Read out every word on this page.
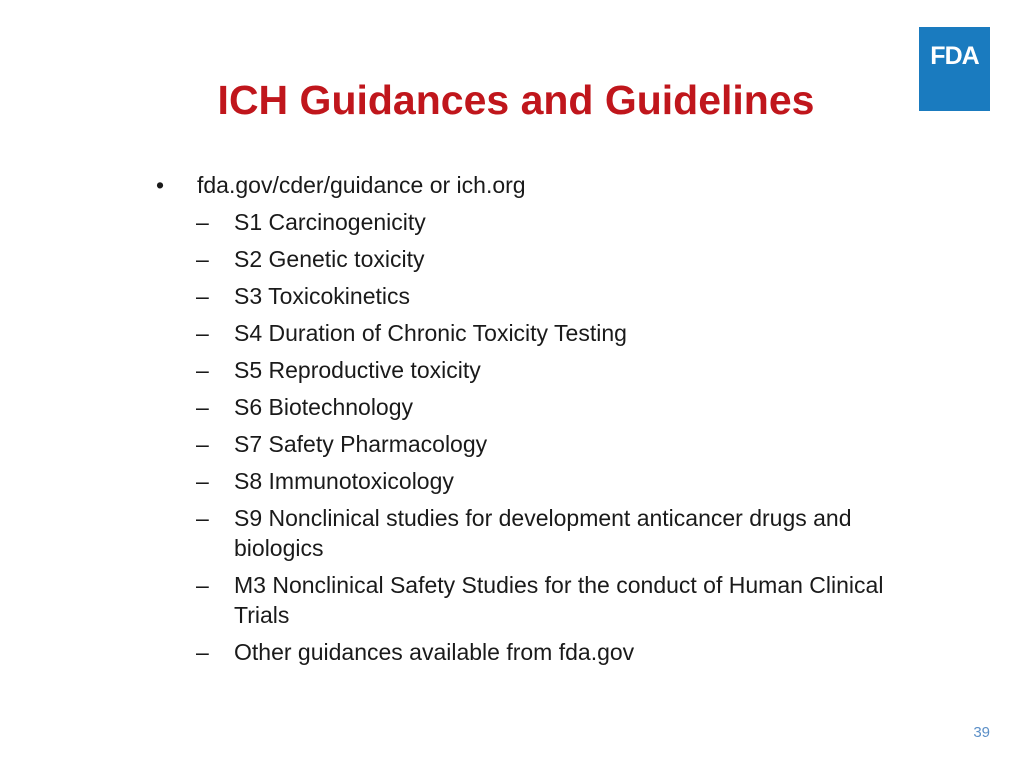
FDA
ICH Guidances and Guidelines
• fda.gov/cder/guidance or ich.org
– S1 Carcinogenicity
– S2 Genetic toxicity
– S3 Toxicokinetics
– S4 Duration of Chronic Toxicity Testing
– S5 Reproductive toxicity
– S6 Biotechnology
– S7 Safety Pharmacology
– S8 Immunotoxicology
– S9 Nonclinical studies for development anticancer drugs and biologics
– M3 Nonclinical Safety Studies for the conduct of Human Clinical Trials
– Other guidances available from fda.gov
39
